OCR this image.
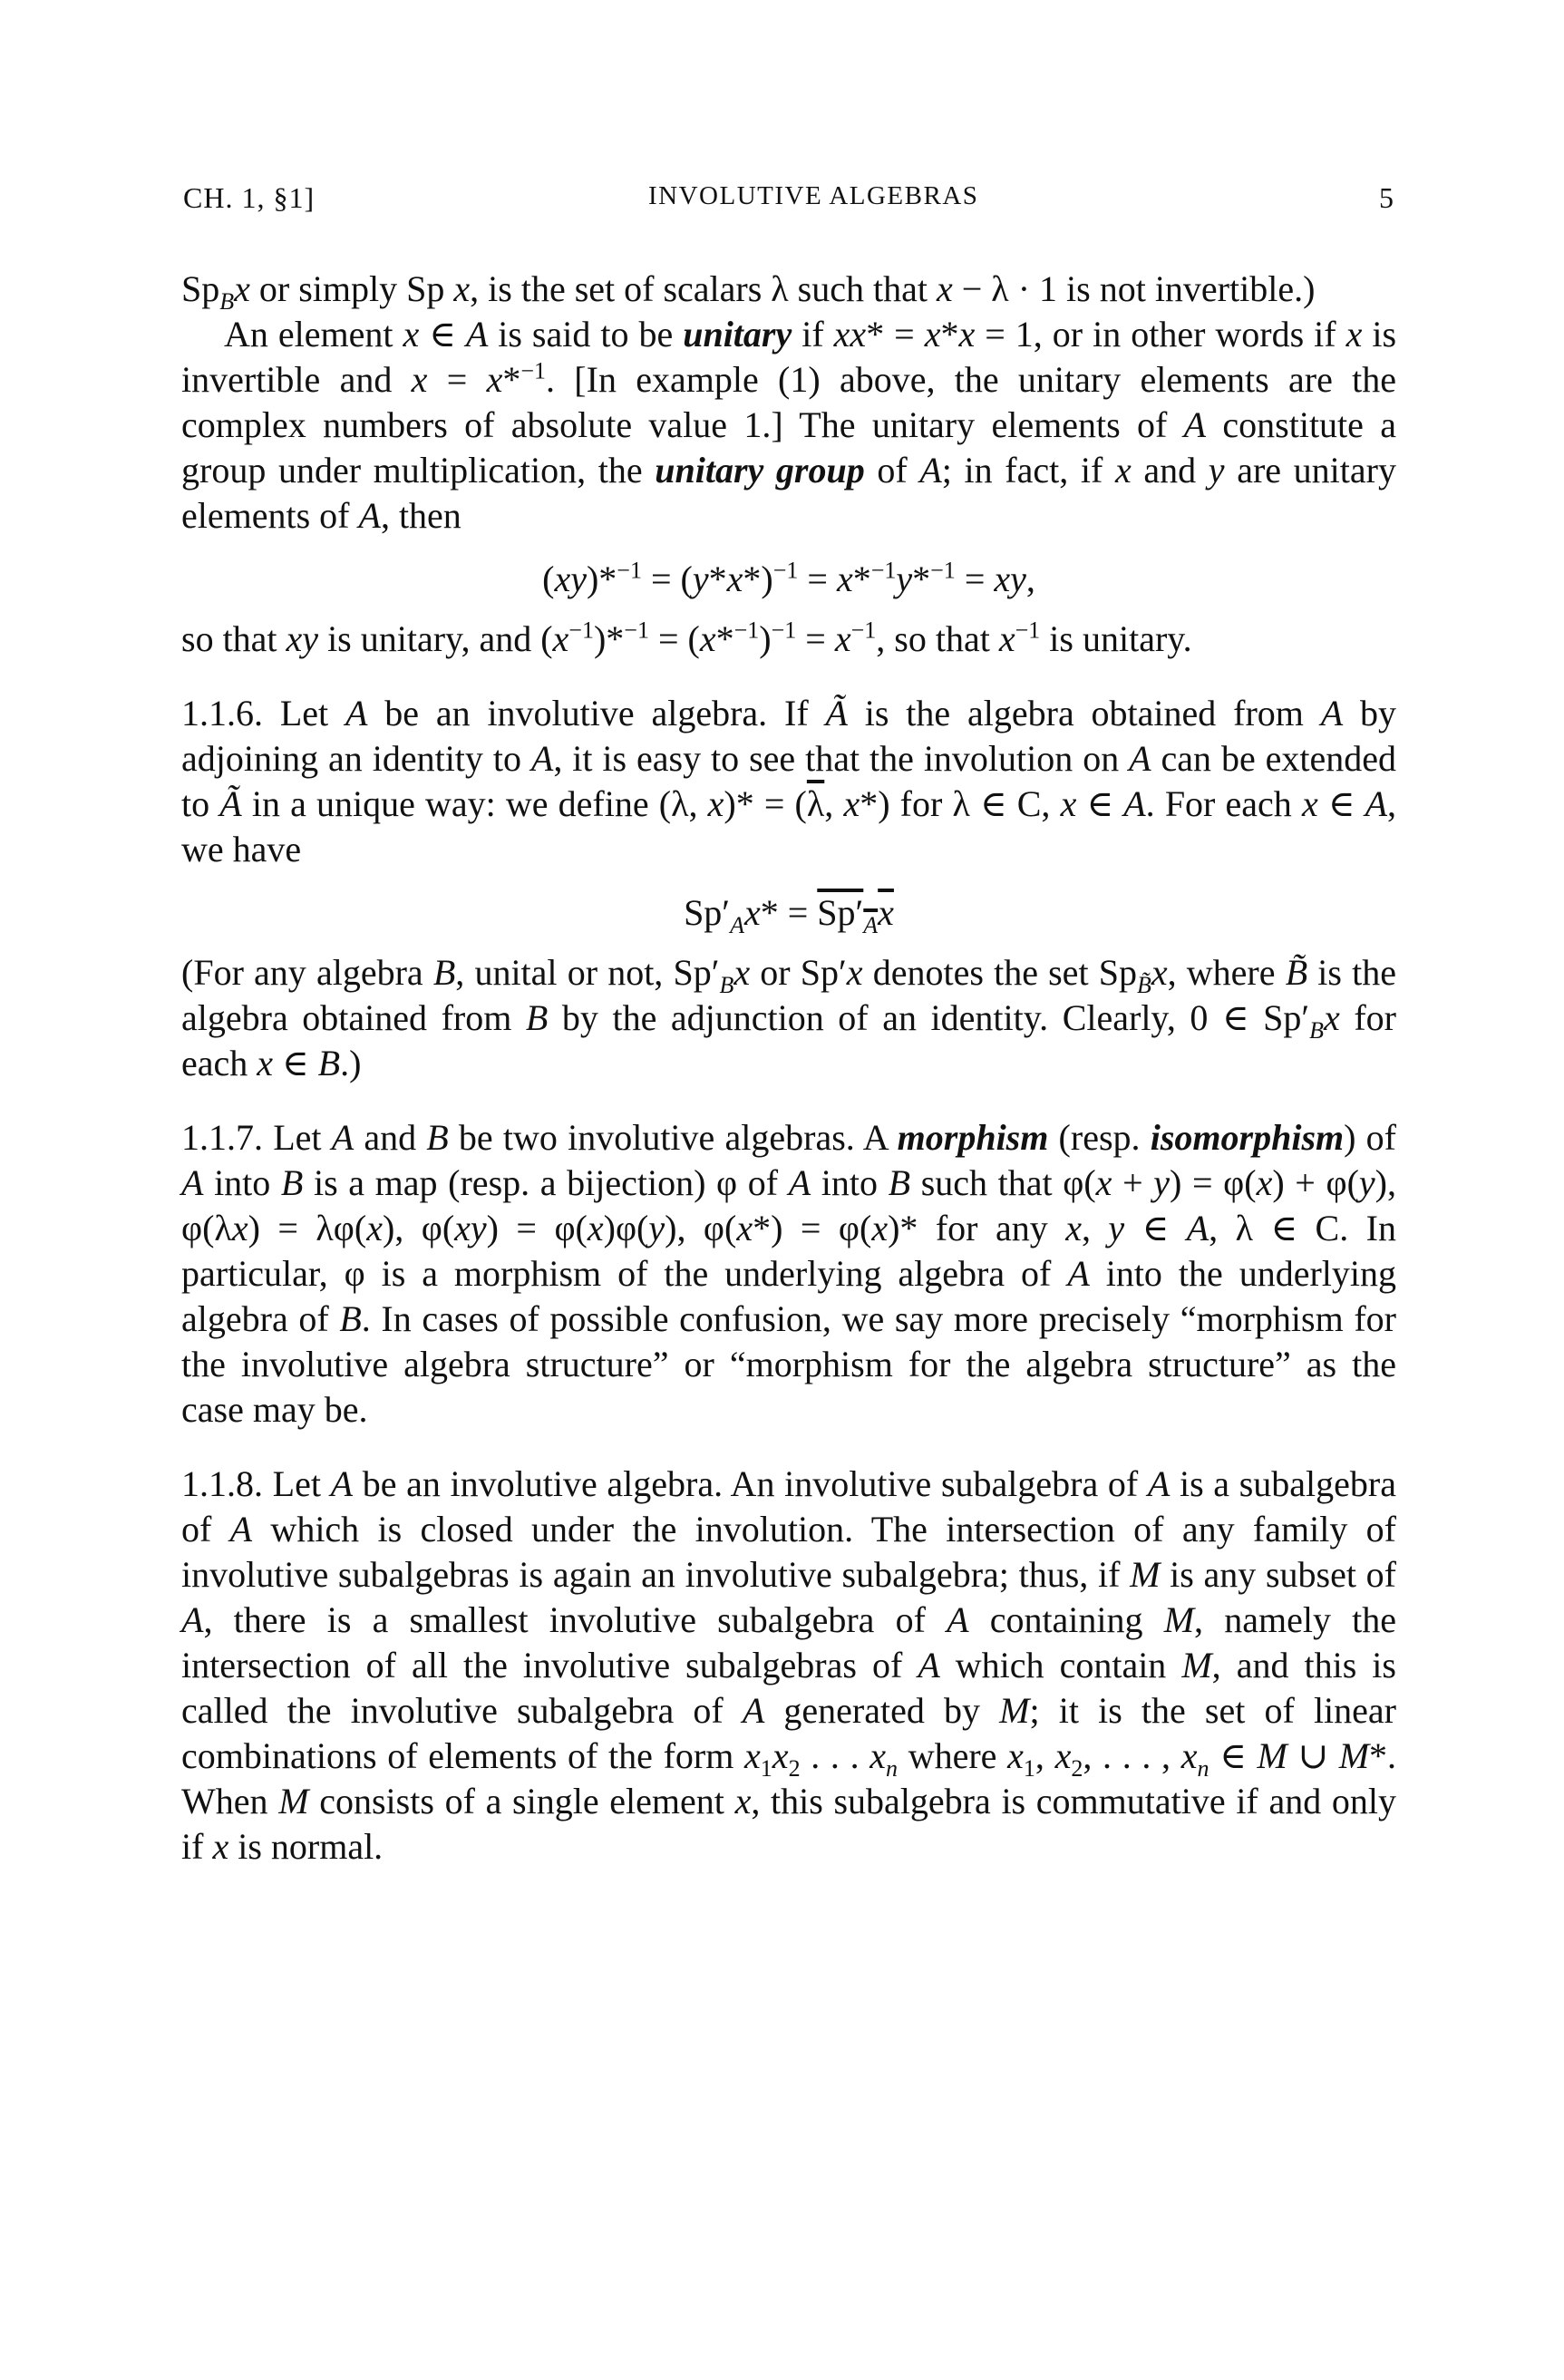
CH. 1, §1]	INVOLUTIVE ALGEBRAS	5

$Sp_Bx$ or simply Sp x, is the set of scalars λ such that x − λ · 1 is not invertible.)

An element x ∈ A is said to be unitary if xx* = x*x = 1, or in other words if x is invertible and x = x*$^{-1}$. [In example (1) above, the unitary elements are the complex numbers of absolute value 1.] The unitary elements of A constitute a group under multiplication, the unitary group of A; in fact, if x and y are unitary elements of A, then

$(xy)*^{-1} = (y*x*)^{-1} = x*^{-1}y*^{-1}$ = xy,

so that xy is unitary, and $(x^{-1})*^{-1} = (x*^{-1})^{-1} = x^{-1}$, so that $x^{-1}$ is unitary.

1.1.6. Let A be an involutive algebra. If Ã is the algebra obtained from A by adjoining an identity to A, it is easy to see that the involution on A can be extended to Ã in a unique way: we define (λ, $x)* = (\overline{\lambda}$, x*) for λ ∈ C, x ∈ A. For each x ∈ A, we have

$Sp'_Ax* = Sp'_Ax$

(For any algebra B, unital or not, $Sp'_Bx$ or Sp′x denotes the set $Sp_{B̃}x$, where B̃ is the algebra obtained from B by the adjunction of an identity. Clearly, 0 ∈ $Sp'_Bx$ for each x ∈ B.)

1.1.7. Let A and B be two involutive algebras. A morphism (resp. isomorphism) of A into B is a map (resp. a bijection) φ of A into B such that φ(x + y) = φ(x) + φ(y), φ(λx) = λφ(x), φ(xy) = φ(x)φ(y), φ(x*) = φ(x)* for any x, y ∈ A, λ ∈ C. In particular, φ is a morphism of the underlying algebra of A into the underlying algebra of B. In cases of possible confusion, we say more precisely “morphism for the involutive algebra structure” or “morphism for the algebra structure” as the case may be.

1.1.8. Let A be an involutive algebra. An involutive subalgebra of A is a subalgebra of A which is closed under the involution. The intersection of any family of involutive subalgebras is again an involutive subalgebra; thus, if M is any subset of A, there is a smallest involutive subalgebra of A containing M, namely the intersection of all the involutive subalgebras of A which contain M, and this is called the involutive subalgebra of A generated by M; it is the set of linear combinations of elements of the form $x_1x_2$ . . . $x_n$ where $x_1$, $x_2$, . . . , $x_n$ ∈ M ∪ M*. When M consists of a single element x, this subalgebra is commutative if and only if x is normal.
